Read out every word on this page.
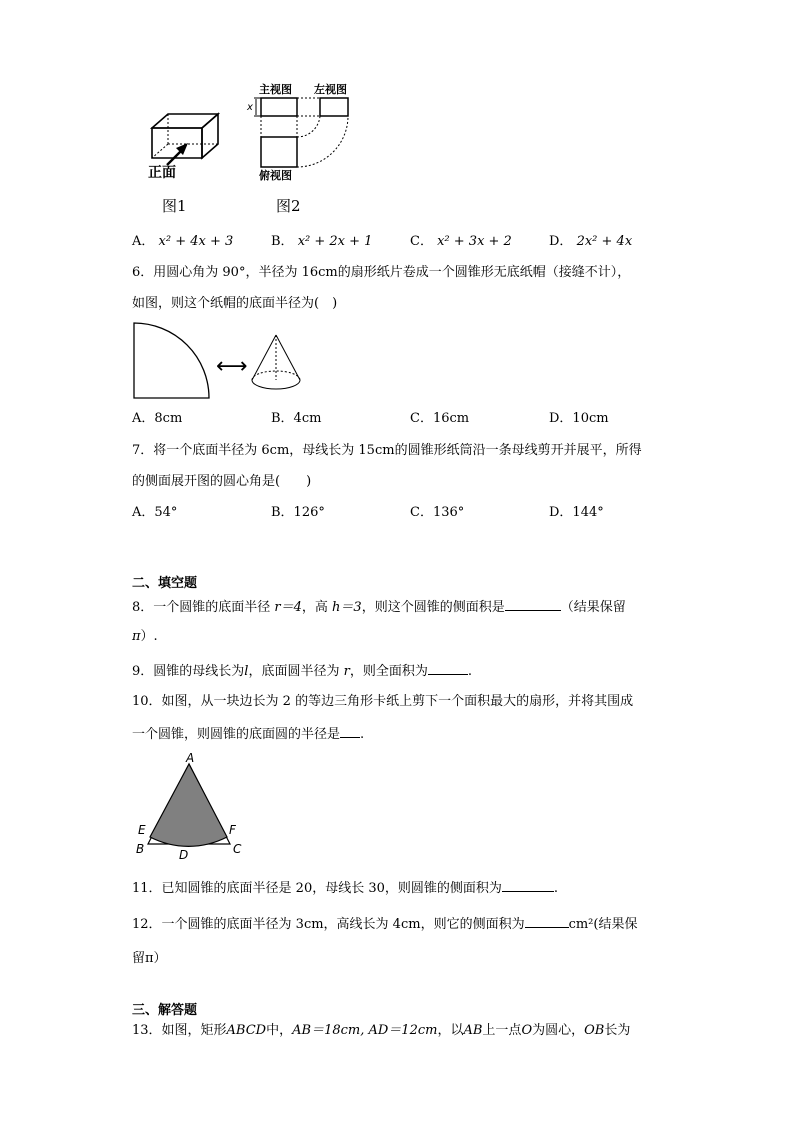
正面
主视图 左视图
x
俯视图
图1	图2
A． x² + 4x + 3	B． x² + 2x + 1	C． x² + 3x + 2	D． 2x² + 4x
6．用圆心角为 90°，半径为 16cm的扇形纸片卷成一个圆锥形无底纸帽（接缝不计），
如图，则这个纸帽的底面半径为(　)
⟷
A．8cm	B．4cm	C．16cm	D．10cm
7．将一个底面半径为 6cm，母线长为 15cm的圆锥形纸筒沿一条母线剪开并展平，所得
的侧面展开图的圆心角是(　　)
A．54°	B．126°	C．136°	D．144°
二、填空题
8．一个圆锥的底面半径 r＝4，高 h＝3，则这个圆锥的侧面积是	（结果保留
π）.
9．圆锥的母线长为l，底面圆半径为 r，则全面积为	.
10．如图，从一块边长为 2 的等边三角形卡纸上剪下一个面积最大的扇形，并将其围成
一个圆锥，则圆锥的底面圆的半径是 .
A
E	F
B	D	C
11．已知圆锥的底面半径是 20，母线长 30，则圆锥的侧面积为	.
12．一个圆锥的底面半径为 3cm，高线长为 4cm，则它的侧面积为	cm²(结果保
留π）
三、解答题
13．如图，矩形ABCD中，AB＝18cm, AD＝12cm，以AB上一点O为圆心，OB长为
